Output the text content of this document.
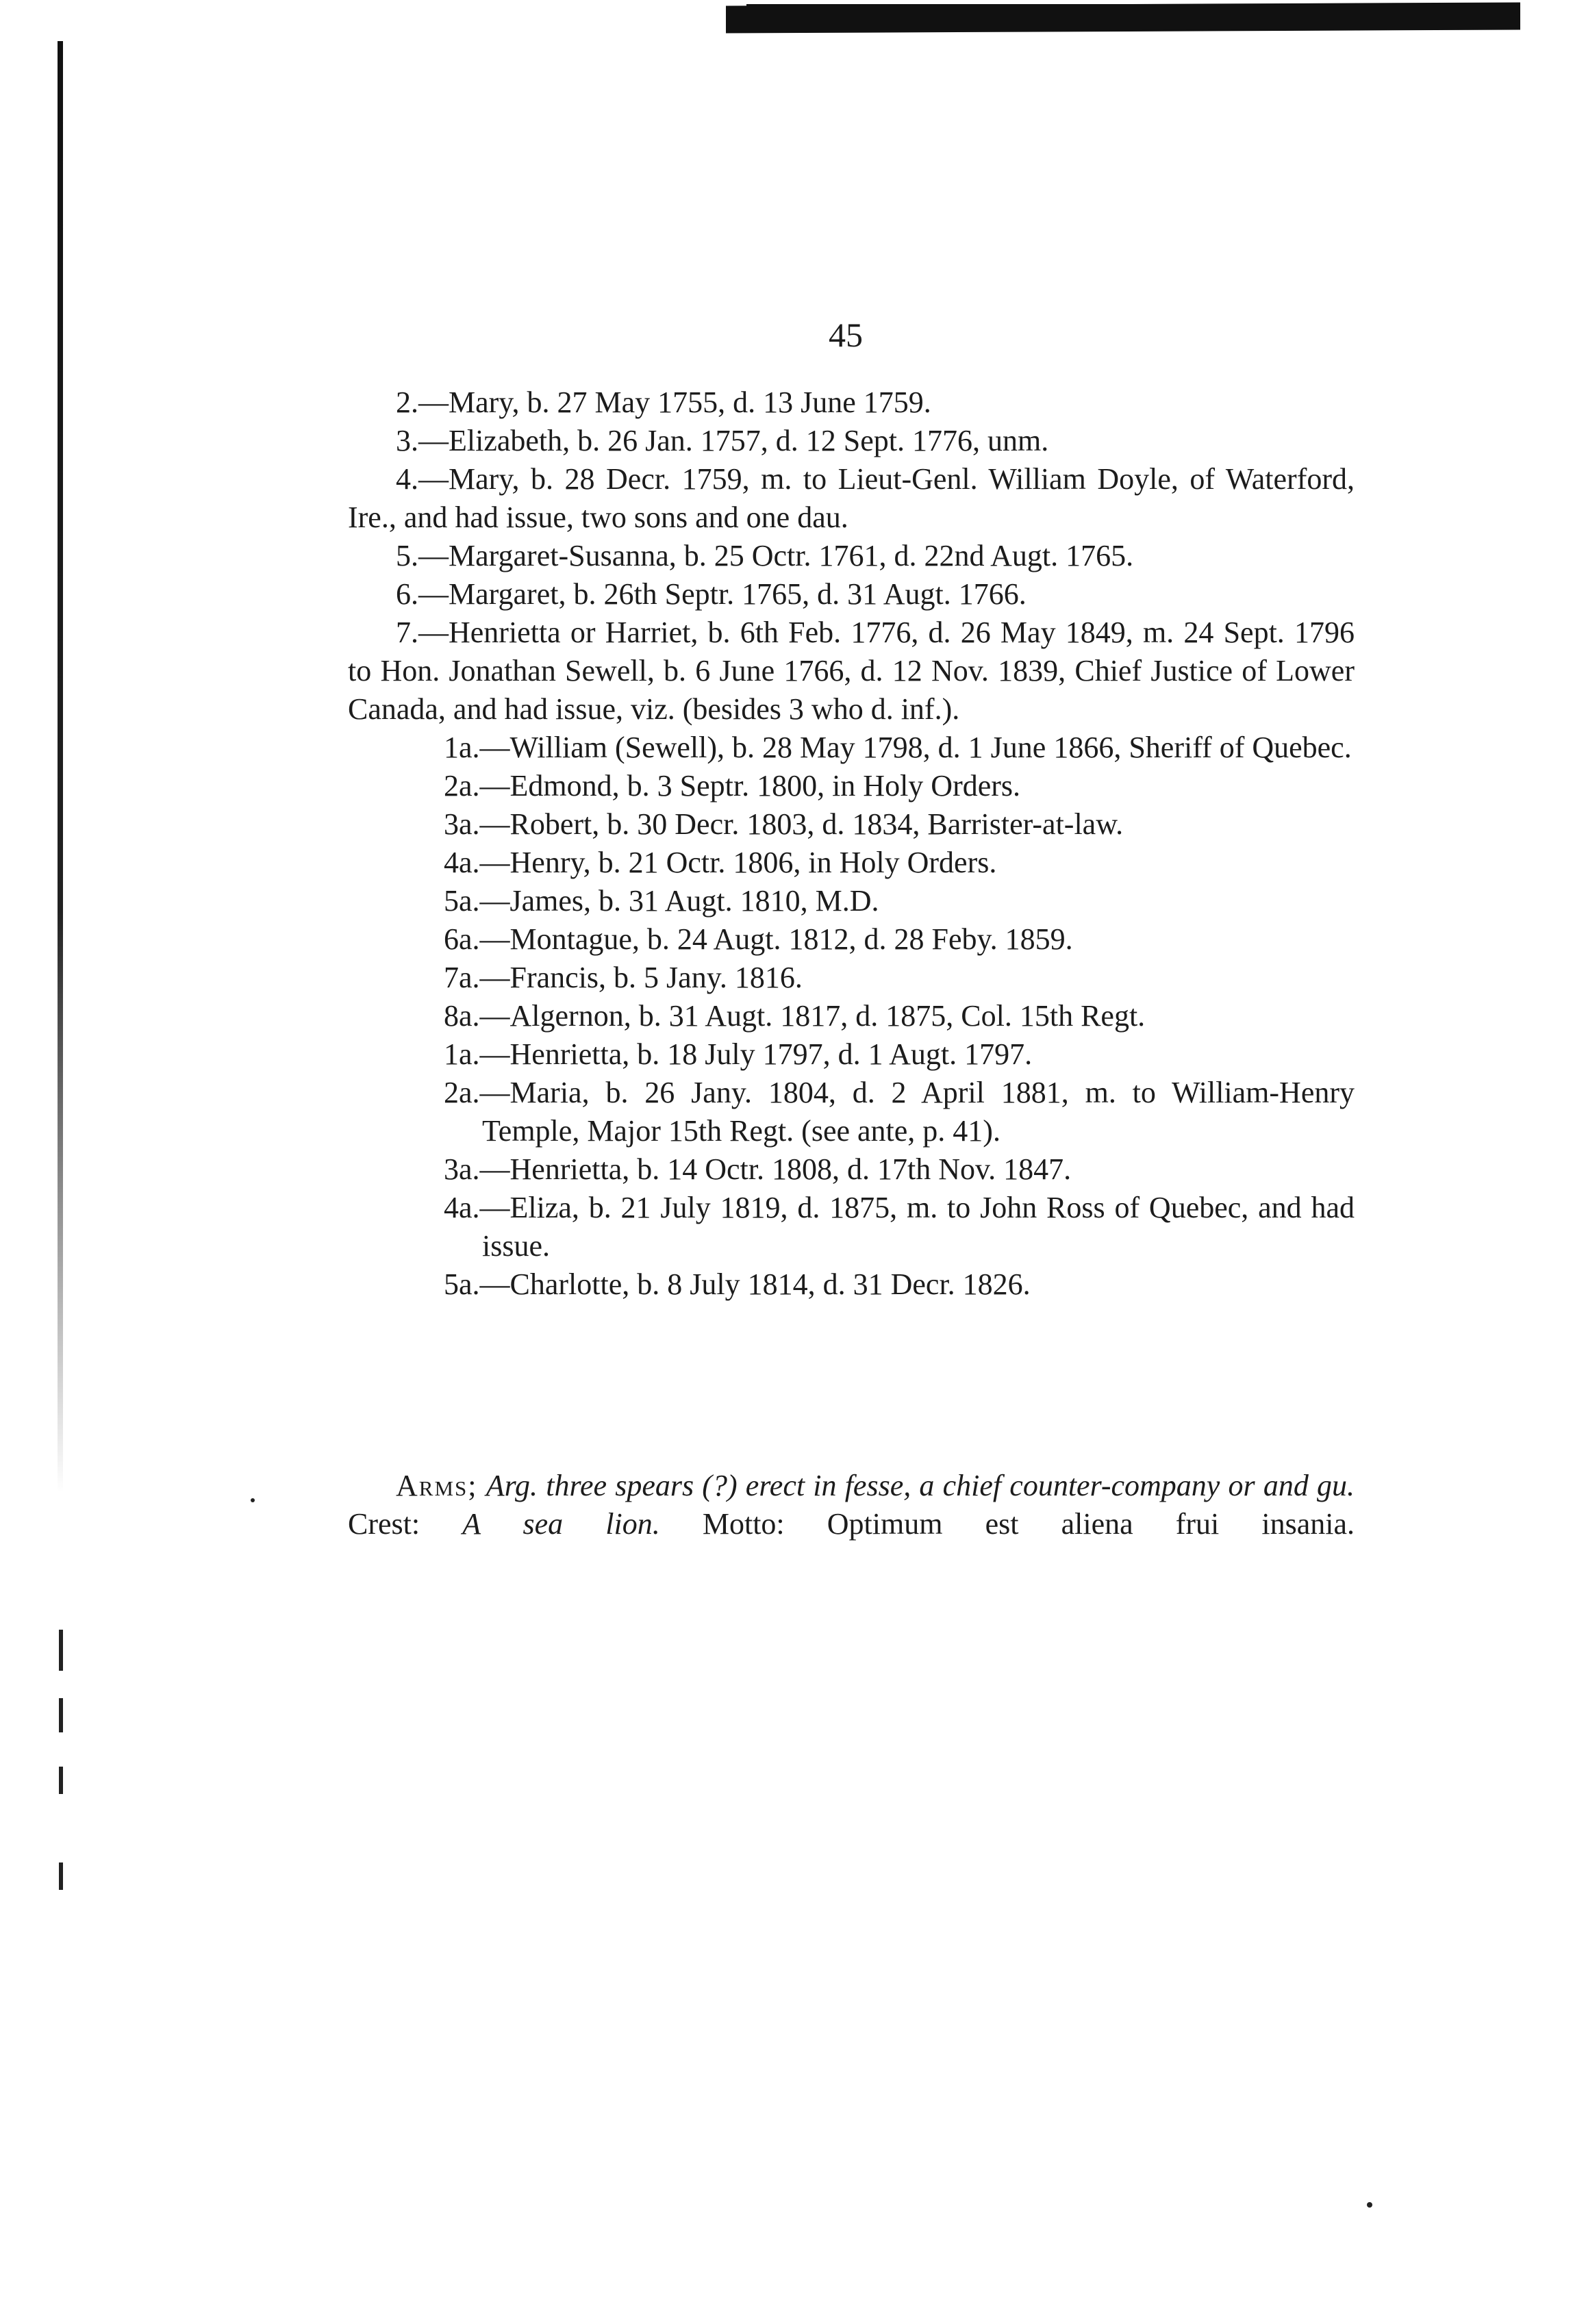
45

2.—Mary, b. 27 May 1755, d. 13 June 1759.

3.—Elizabeth, b. 26 Jan. 1757, d. 12 Sept. 1776, unm.

4.—Mary, b. 28 Decr. 1759, m. to Lieut-Genl. William Doyle, of Waterford, Ire., and had issue, two sons and one dau.

5.—Margaret-Susanna, b. 25 Octr. 1761, d. 22nd Augt. 1765.

6.—Margaret, b. 26th Septr. 1765, d. 31 Augt. 1766.

7.—Henrietta or Harriet, b. 6th Feb. 1776, d. 26 May 1849, m. 24 Sept. 1796 to Hon. Jonathan Sewell, b. 6 June 1766, d. 12 Nov. 1839, Chief Justice of Lower Canada, and had issue, viz. (besides 3 who d. inf.).

1a.—William (Sewell), b. 28 May 1798, d. 1 June 1866, Sheriff of Quebec.

2a.—Edmond, b. 3 Septr. 1800, in Holy Orders.

3a.—Robert, b. 30 Decr. 1803, d. 1834, Barrister-at-law.

4a.—Henry, b. 21 Octr. 1806, in Holy Orders.

5a.—James, b. 31 Augt. 1810, M.D.

6a.—Montague, b. 24 Augt. 1812, d. 28 Feby. 1859.

7a.—Francis, b. 5 Jany. 1816.

8a.—Algernon, b. 31 Augt. 1817, d. 1875, Col. 15th Regt.

1a.—Henrietta, b. 18 July 1797, d. 1 Augt. 1797.

2a.—Maria, b. 26 Jany. 1804, d. 2 April 1881, m. to William-Henry Temple, Major 15th Regt. (see ante, p. 41).

3a.—Henrietta, b. 14 Octr. 1808, d. 17th Nov. 1847.

4a.—Eliza, b. 21 July 1819, d. 1875, m. to John Ross of Quebec, and had issue.

5a.—Charlotte, b. 8 July 1814, d. 31 Decr. 1826.

Arms; Arg. three spears (?) erect in fesse, a chief counter-company or and gu. Crest: A sea lion. Motto: Optimum est aliena frui insania.
